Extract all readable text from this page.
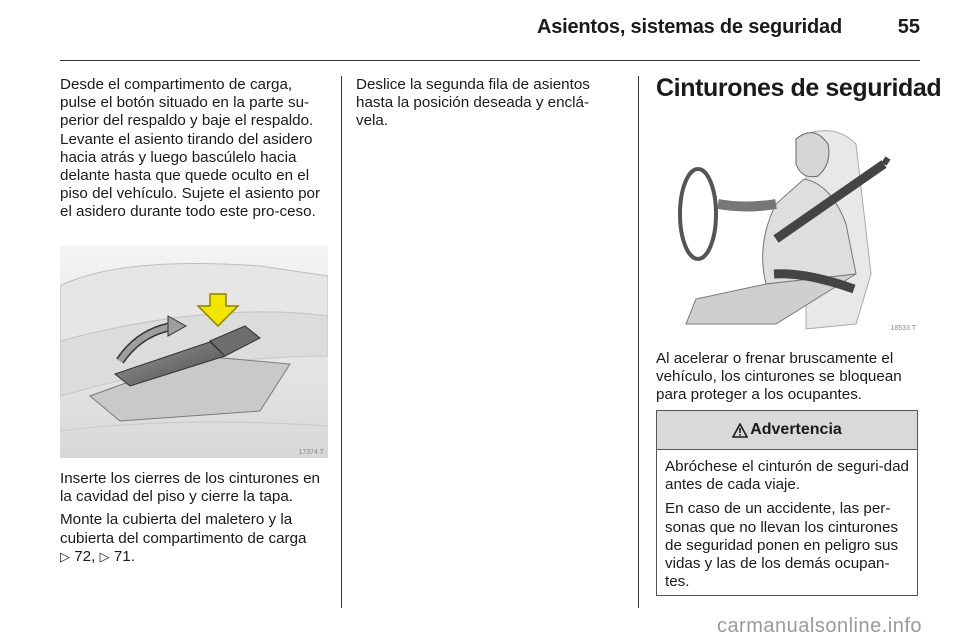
Asientos, sistemas de seguridad	55

Desde el compartimento de carga, pulse el botón situado en la parte su-perior del respaldo y baje el respaldo. Levante el asiento tirando del asidero hacia atrás y luego bascúlelo hacia delante hasta que quede oculto en el piso del vehículo. Sujete el asiento por el asidero durante todo este pro-ceso.

17374 T

Inserte los cierres de los cinturones en la cavidad del piso y cierre la tapa.

Monte la cubierta del maletero y la cubierta del compartimento de carga
▷ 72, ▷ 71.

Deslice la segunda fila de asientos hasta la posición deseada y enclá-vela.

Cinturones de seguridad
18533 T

Al acelerar o frenar bruscamente el vehículo, los cinturones se bloquean para proteger a los ocupantes.

Advertencia

Abróchese el cinturón de seguri-dad antes de cada viaje.

En caso de un accidente, las per-sonas que no llevan los cinturones de seguridad ponen en peligro sus vidas y las de los demás ocupan-tes.

carmanualsonline.info
